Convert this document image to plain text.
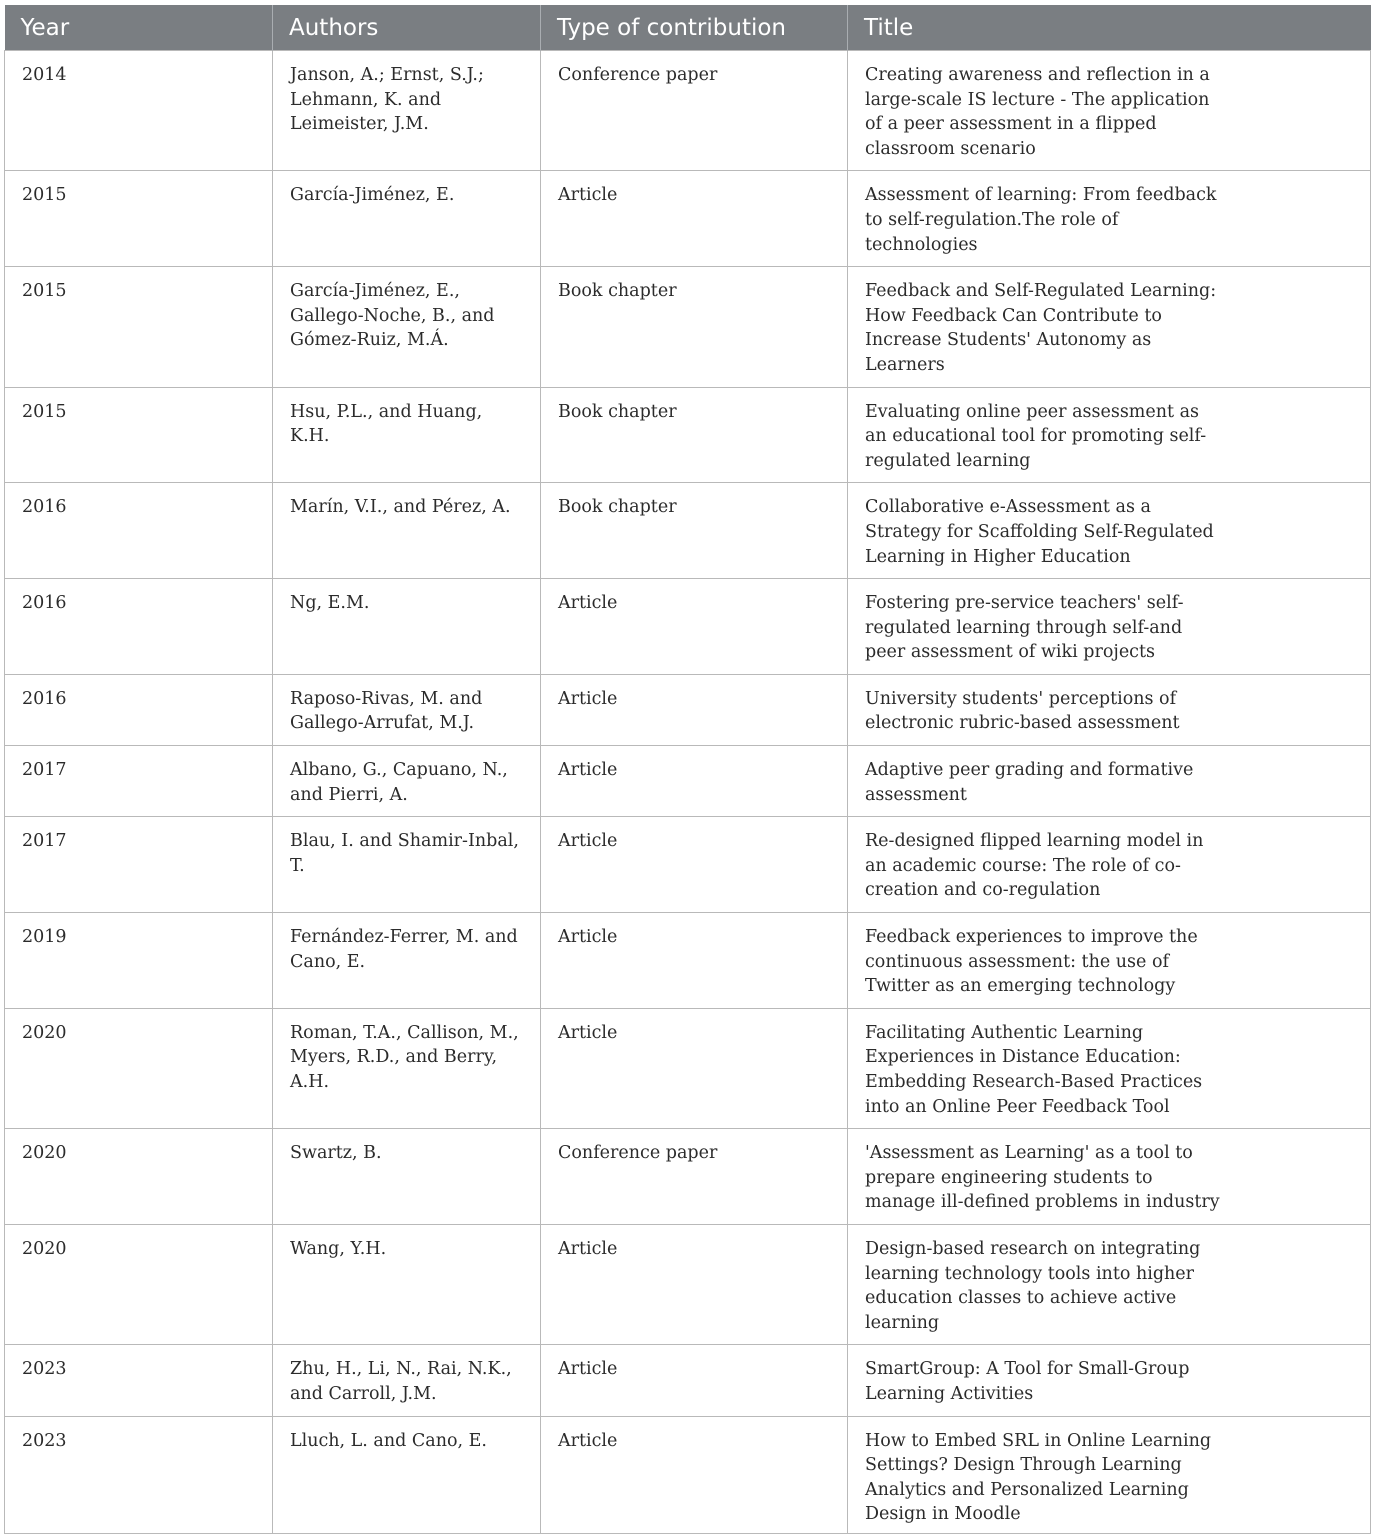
Year	Authors	Type of contribution	Title
2014	Janson, A.; Ernst, S.J.; Lehmann, K. and Leimeister, J.M.	Conference paper	Creating awareness and reflection in a large-scale IS lecture - The application of a peer assessment in a flipped classroom scenario
2015	García-Jiménez, E.	Article	Assessment of learning: From feedback to self-regulation.The role of technologies
2015	García-Jiménez, E., Gallego-Noche, B., and Gómez-Ruiz, M.Á.	Book chapter	Feedback and Self-Regulated Learning: How Feedback Can Contribute to Increase Students' Autonomy as Learners
2015	Hsu, P.L., and Huang, K.H.	Book chapter	Evaluating online peer assessment as an educational tool for promoting self-regulated learning
2016	Marín, V.I., and Pérez, A.	Book chapter	Collaborative e-Assessment as a Strategy for Scaffolding Self-Regulated Learning in Higher Education
2016	Ng, E.M.	Article	Fostering pre-service teachers' self-regulated learning through self-and peer assessment of wiki projects
2016	Raposo-Rivas, M. and Gallego-Arrufat, M.J.	Article	University students' perceptions of electronic rubric-based assessment
2017	Albano, G., Capuano, N., and Pierri, A.	Article	Adaptive peer grading and formative assessment
2017	Blau, I. and Shamir-Inbal, T.	Article	Re-designed flipped learning model in an academic course: The role of co-creation and co-regulation
2019	Fernández-Ferrer, M. and Cano, E.	Article	Feedback experiences to improve the continuous assessment: the use of Twitter as an emerging technology
2020	Roman, T.A., Callison, M., Myers, R.D., and Berry, A.H.	Article	Facilitating Authentic Learning Experiences in Distance Education: Embedding Research-Based Practices into an Online Peer Feedback Tool
2020	Swartz, B.	Conference paper	'Assessment as Learning' as a tool to prepare engineering students to manage ill-defined problems in industry
2020	Wang, Y.H.	Article	Design-based research on integrating learning technology tools into higher education classes to achieve active learning
2023	Zhu, H., Li, N., Rai, N.K., and Carroll, J.M.	Article	SmartGroup: A Tool for Small-Group Learning Activities
2023	Lluch, L. and Cano, E.	Article	How to Embed SRL in Online Learning Settings? Design Through Learning Analytics and Personalized Learning Design in Moodle
